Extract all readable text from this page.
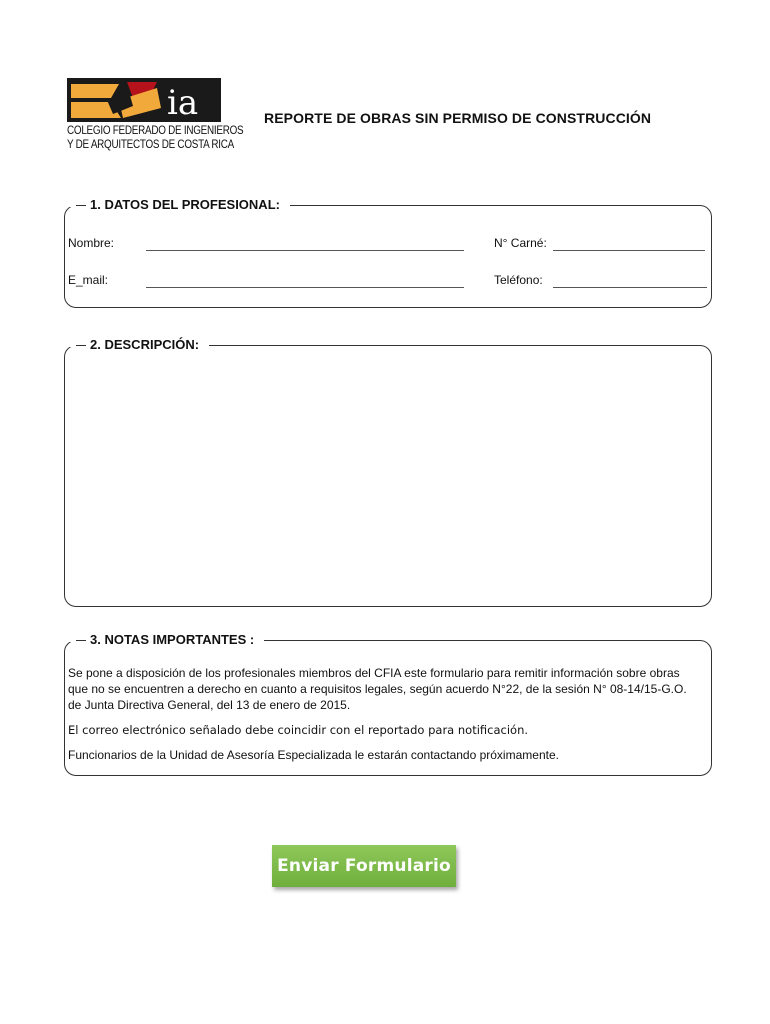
ia
COLEGIO FEDERADO DE INGENIEROS
Y DE ARQUITECTOS DE COSTA RICA
REPORTE DE OBRAS SIN PERMISO DE CONSTRUCCIÓN
1. DATOS DEL PROFESIONAL:
Nombre:	N° Carné:
E_mail:	Teléfono:
2. DESCRIPCIÓN:
3. NOTAS IMPORTANTES :

Se pone a disposición de los profesionales miembros del CFIA este formulario para remitir información sobre obras que no se encuentren a derecho en cuanto a requisitos legales, según acuerdo N°22, de la sesión N° 08-14/15-G.O. de Junta Directiva General, del 13 de enero de 2015.

El correo electrónico señalado debe coincidir con el reportado para notificación.

Funcionarios de la Unidad de Asesoría Especializada le estarán contactando próximamente.

Enviar Formulario
